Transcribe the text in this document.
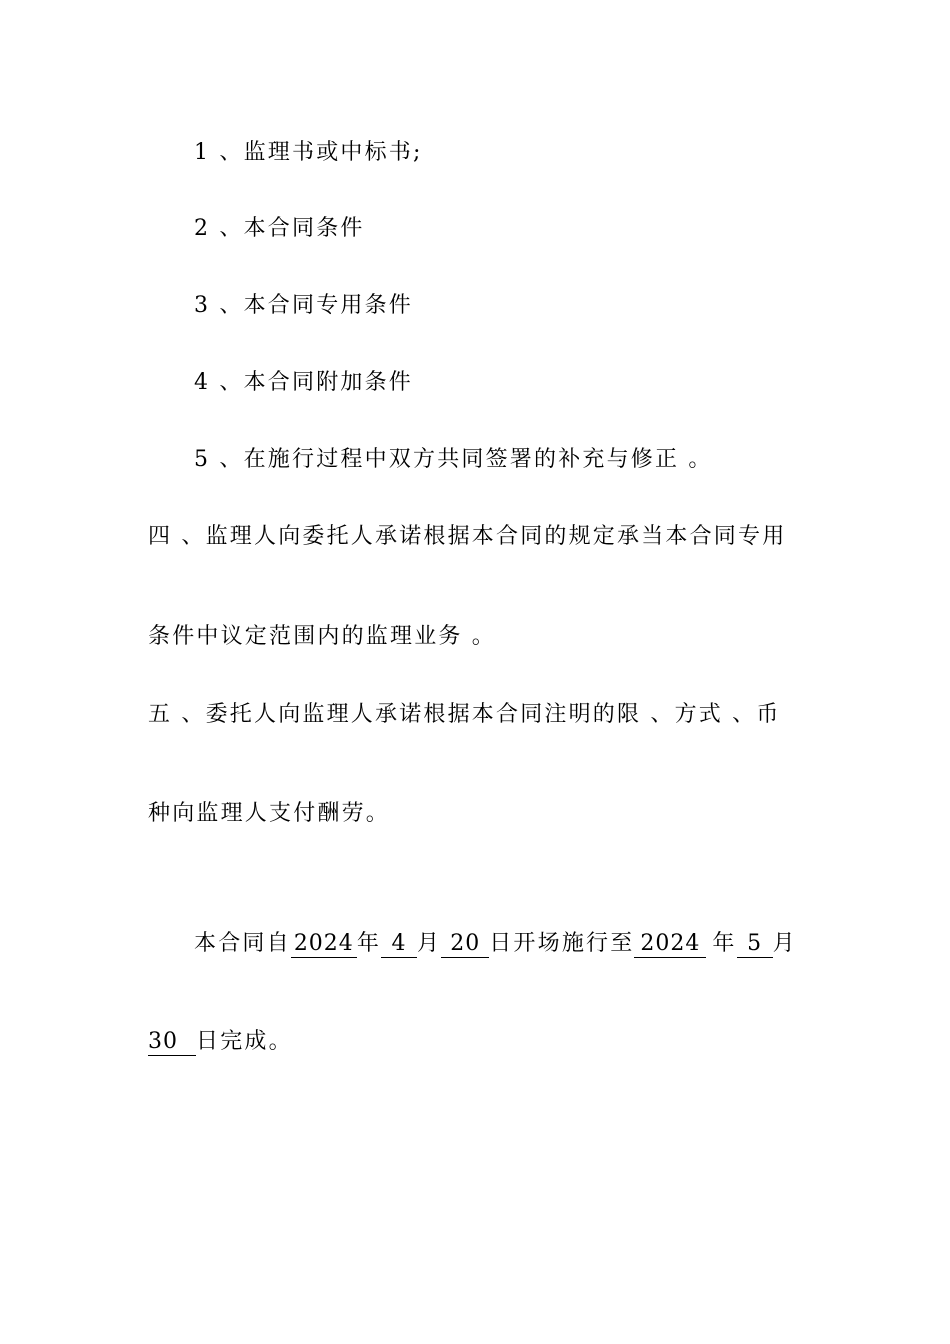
1 、监理书或中标书;

2 、本合同条件

3 、本合同专用条件

4 、本合同附加条件

5 、在施行过程中双方共同签署的补充与修正 。

四 、监理人向委托人承诺根据本合同的规定承当本合同专用

条件中议定范围内的监理业务 。

五 、委托人向监理人承诺根据本合同注明的限 、方式 、币

种向监理人支付酬劳。

本合同自 2024 年 4 月 20 日开场施行至 2024 年 5 月

30 日完成。
